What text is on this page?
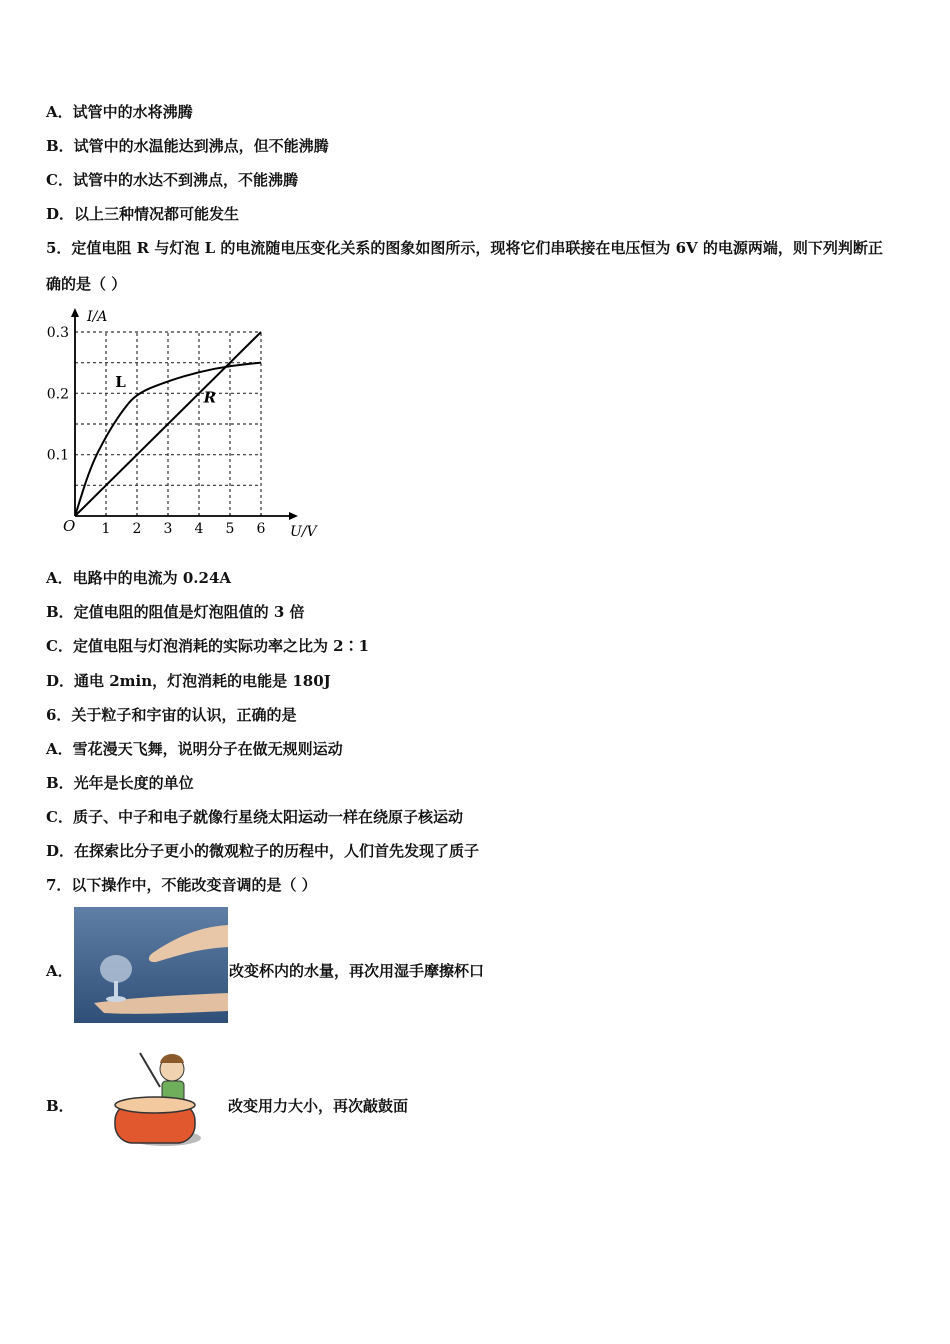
A．试管中的水将沸腾
B．试管中的水温能达到沸点，但不能沸腾
C．试管中的水达不到沸点，不能沸腾
D．以上三种情况都可能发生
5．定值电阻 R 与灯泡 L 的电流随电压变化关系的图象如图所示，现将它们串联接在电压恒为 6V 的电源两端，则下列判断正确的是（ ）
1 2 3 4 5 6
0.1
0.2
0.3
O	U/V
I/A
L
R
A．电路中的电流为 0.24A
B．定值电阻的阻值是灯泡阻值的 3 倍
C．定值电阻与灯泡消耗的实际功率之比为 2∶1
D．通电 2min，灯泡消耗的电能是 180J
6．关于粒子和宇宙的认识，正确的是
A．雪花漫天飞舞，说明分子在做无规则运动
B．光年是长度的单位
C．质子、中子和电子就像行星绕太阳运动一样在绕原子核运动
D．在探索比分子更小的微观粒子的历程中，人们首先发现了质子
7．以下操作中，不能改变音调的是（ ）
A．	改变杯内的水量，再次用湿手摩擦杯口
B．	改变用力大小，再次敲鼓面
